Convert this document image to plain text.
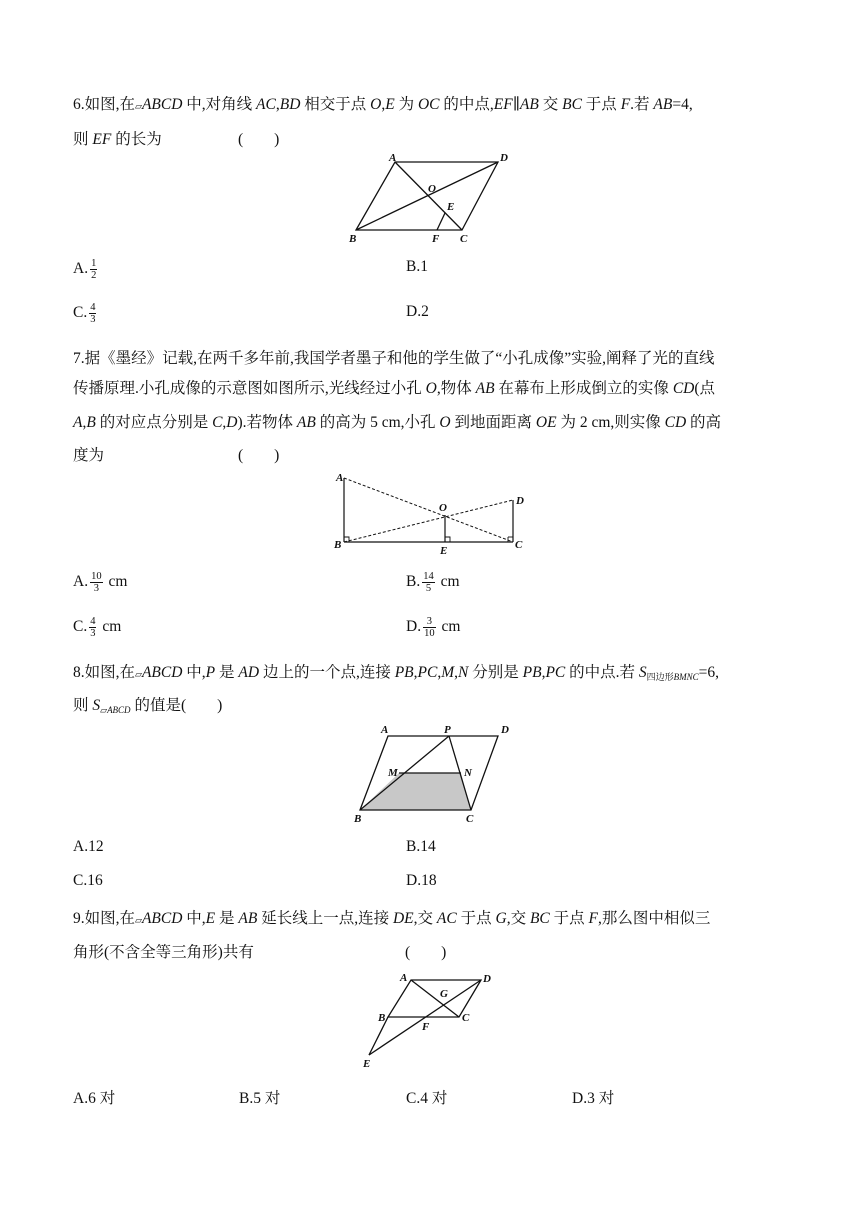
6.如图,在▱ABCD 中,对角线 AC,BD 相交于点 O,E 为 OC 的中点,EF∥AB 交 BC 于点 F.若 AB=4,
则 EF 的长为	(　　)
A	D
O
E
B	F C
A. $\frac{1}{2}$	B.1
C. $\frac{4}{3}$	D.2
7.据《墨经》记载,在两千多年前,我国学者墨子和他的学生做了“小孔成像”实验,阐释了光的直线
传播原理.小孔成像的示意图如图所示,光线经过小孔 O,物体 AB 在幕布上形成倒立的实像 CD(点
A,B 的对应点分别是 C,D).若物体 AB 的高为 5 cm,小孔 O 到地面距离 OE 为 2 cm,则实像 CD 的高
度为	(　　)
A
O
D
B	E	C
A. $\frac{10}{3}$ cm	B. $\frac{14}{5}$ cm
C. $\frac{4}{3}$ cm	D. $\frac{3}{10}$ cm
8.如图,在▱ABCD 中,P 是 AD 边上的一个点,连接 PB,PC,M,N 分别是 PB,PC 的中点.若 $S_{四边形BMNC}=6$,
则 $S_{▱ABCD}$ 的值是(　　)
A	P	D
M	N
B	C
A.12	B.14
C.16	D.18
9.如图,在▱ABCD 中,E 是 AB 延长线上一点,连接 DE,交 AC 于点 G,交 BC 于点 F,那么图中相似三
角形(不含全等三角形)共有	(　　)
A	D
G
B
F
C
E
A.6 对	B.5 对	C.4 对	D.3 对
